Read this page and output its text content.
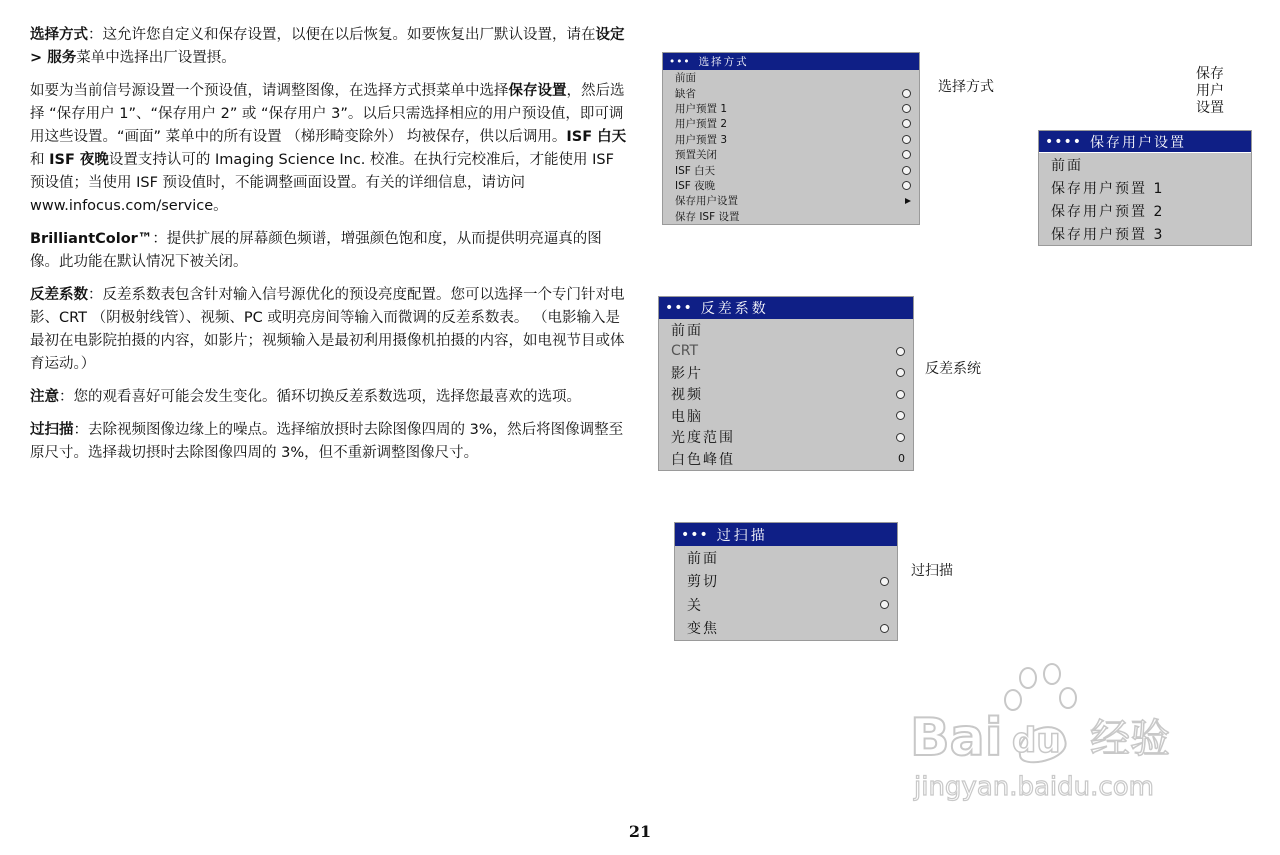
选择方式：这允许您自定义和保存设置，以便在以后恢复。如要恢复出厂默认设置，请在设定 > 服务菜单中选择出厂设置摂。

如要为当前信号源设置一个预设值，请调整图像，在选择方式摂菜单中选择保存设置，然后选择 “保存用户 1”、“保存用户 2” 或 “保存用户 3”。以后只需选择相应的用户预设值，即可调用这些设置。“画面” 菜单中的所有设置 （梯形畸变除外） 均被保存，供以后调用。ISF 白天和 ISF 夜晚设置支持认可的 Imaging Science Inc. 校准。在执行完校准后，才能使用 ISF 预设值；当使用 ISF 预设值时，不能调整画面设置。有关的详细信息，请访问 www.infocus.com/service。

BrilliantColor™：提供扩展的屏幕颜色频谱，增强颜色饱和度，从而提供明亮逼真的图像。此功能在默认情况下被关闭。

反差系数：反差系数表包含针对输入信号源优化的预设亮度配置。您可以选择一个专门针对电影、CRT （阴极射线管）、视频、PC 或明亮房间等输入而微调的反差系数表。 （电影输入是最初在电影院拍摄的内容，如影片；视频输入是最初利用摄像机拍摄的内容，如电视节目或体育运动。）

注意：您的观看喜好可能会发生变化。循环切换反差系数选项，选择您最喜欢的选项。

过扫描：去除视频图像边缘上的噪点。选择缩放摂时去除图像四周的 3%，然后将图像调整至原尺寸。选择裁切摂时去除图像四周的 3%，但不重新调整图像尺寸。

••• 选择方式
前面
缺省
用户预置 1
用户预置 2
用户预置 3
预置关闭
ISF 白天
ISF 夜晚
保存用户设置
保存 ISF 设置
选择方式
保存
用户
设置
•••• 保存用户设置
前面
保存用户预置 1
保存用户预置 2
保存用户预置 3
••• 反差系数
前面
CRT
影片
视频
电脑
光度范围
白色峰值	0
反差系统
••• 过扫描
前面
剪切
关
变焦
过扫描
Bai du 经验
jingyan.baidu.com
21
